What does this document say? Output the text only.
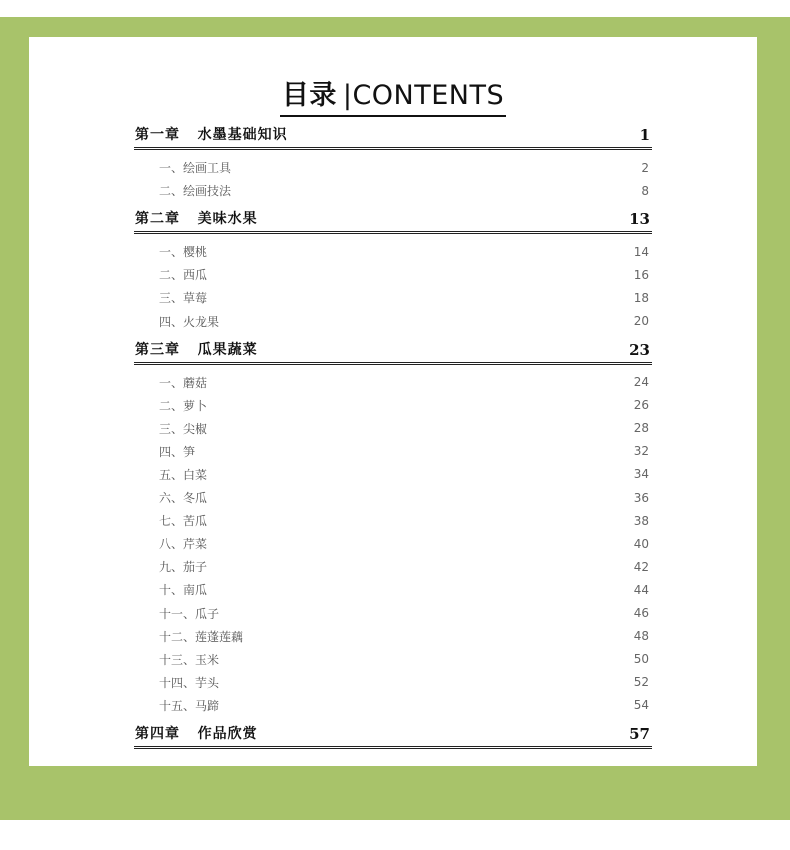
目录 |CONTENTS
第一章 水墨基础知识	1
一、绘画工具	2
二、绘画技法	8
第二章 美味水果	13
一、樱桃	14
二、西瓜	16
三、草莓	18
四、火龙果	20
第三章 瓜果蔬菜	23
一、蘑菇	24
二、萝卜	26
三、尖椒	28
四、笋	32
五、白菜	34
六、冬瓜	36
七、苦瓜	38
八、芹菜	40
九、茄子	42
十、南瓜	44
十一、瓜子	46
十二、莲蓬莲藕	48
十三、玉米	50
十四、芋头	52
十五、马蹄	54
第四章 作品欣赏	57
